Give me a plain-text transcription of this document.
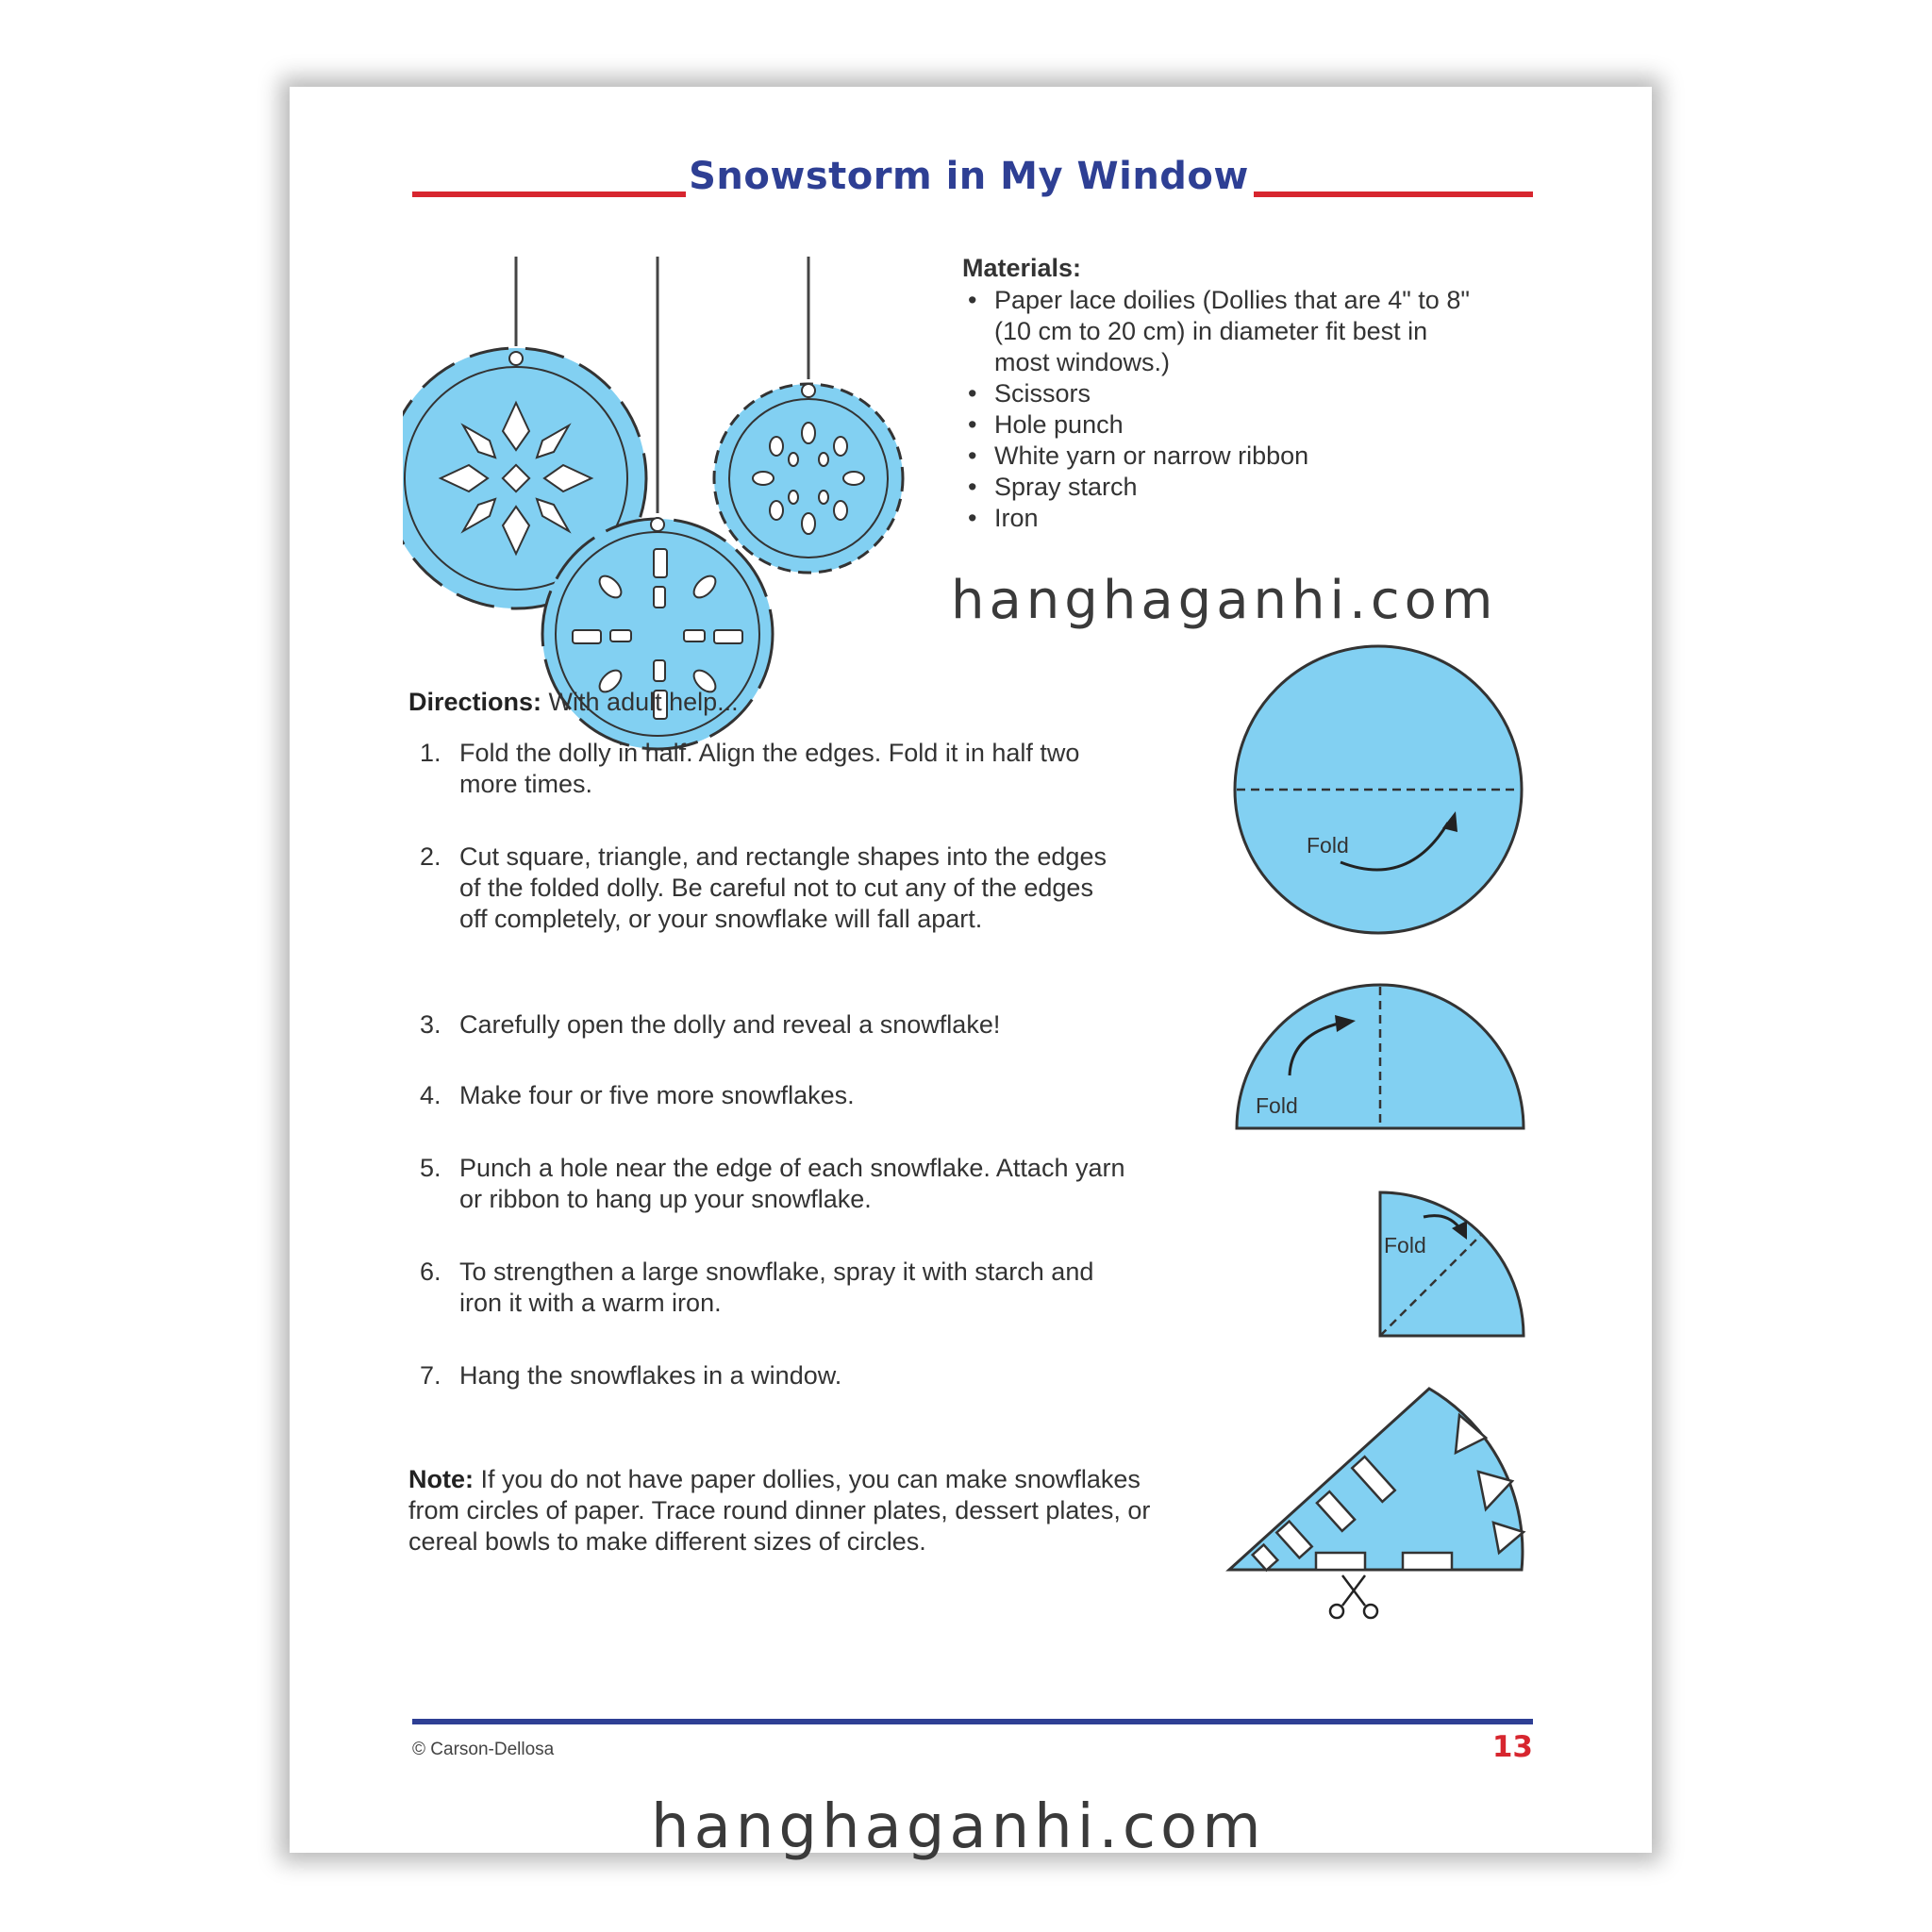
Snowstorm in My Window
Materials:
• Paper lace doilies (Dollies that are 4" to 8" (10 cm to 20 cm) in diameter fit best in most windows.)
• Scissors
• Hole punch
• White yarn or narrow ribbon
• Spray starch
• Iron
Directions: With adult help...
1. Fold the dolly in half. Align the edges. Fold it in half two more times.
2. Cut square, triangle, and rectangle shapes into the edges of the folded dolly. Be careful not to cut any of the edges off completely, or your snowflake will fall apart.
3. Carefully open the dolly and reveal a snowflake!
4. Make four or five more snowflakes.
5. Punch a hole near the edge of each snowflake. Attach yarn or ribbon to hang up your snowflake.
6. To strengthen a large snowflake, spray it with starch and iron it with a warm iron.
7. Hang the snowflakes in a window.
Note: If you do not have paper dollies, you can make snowflakes from circles of paper. Trace round dinner plates, dessert plates, or cereal bowls to make different sizes of circles.
Fold
Fold
Fold
© Carson-Dellosa	13
hanghaganhi.com
hanghaganhi.com
